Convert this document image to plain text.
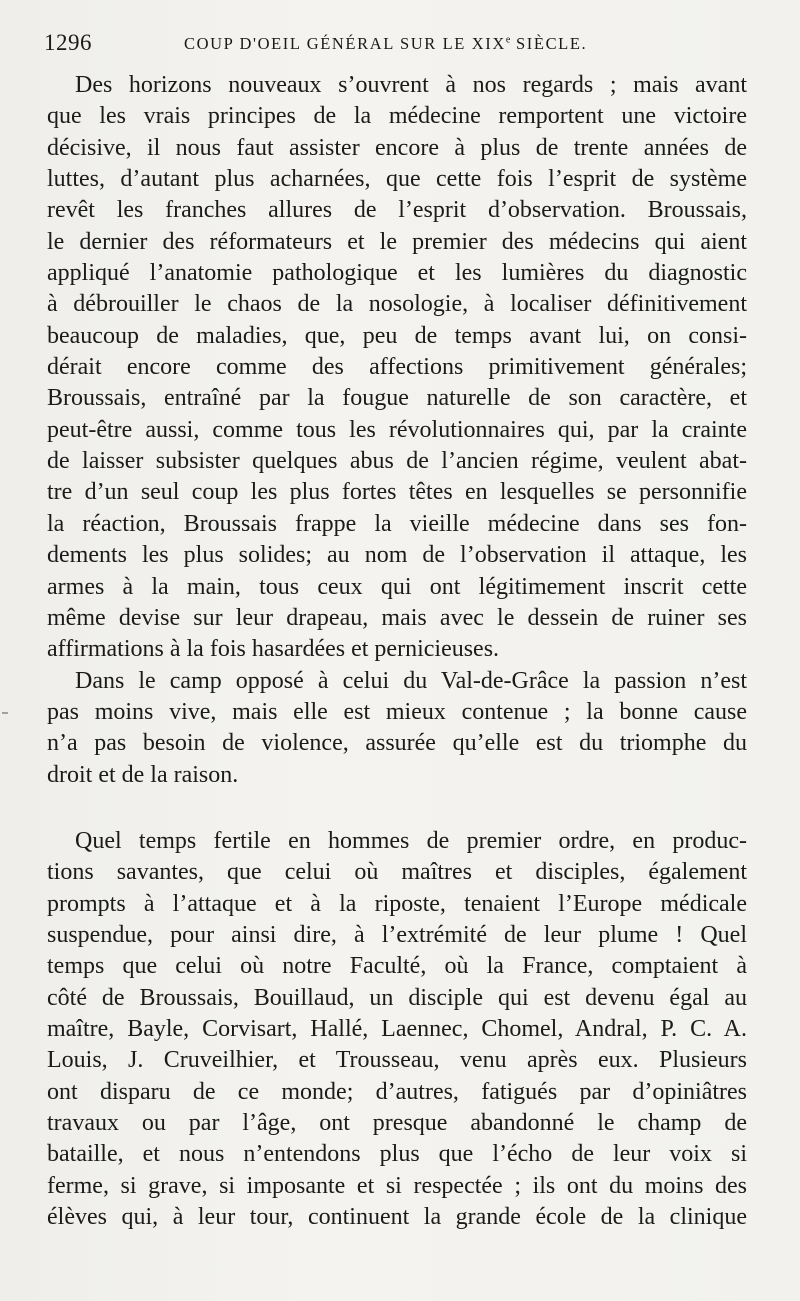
1296	COUP D'OEIL GÉNÉRAL SUR LE XIXe SIÈCLE.
Des horizons nouveaux s’ouvrent à nos regards ; mais avant
que les vrais principes de la médecine remportent une victoire
décisive, il nous faut assister encore à plus de trente années de
luttes, d’autant plus acharnées, que cette fois l’esprit de système
revêt les franches allures de l’esprit d’observation. Broussais,
le dernier des réformateurs et le premier des médecins qui aient
appliqué l’anatomie pathologique et les lumières du diagnostic
à débrouiller le chaos de la nosologie, à localiser définitivement
beaucoup de maladies, que, peu de temps avant lui, on consi-
dérait encore comme des affections primitivement générales;
Broussais, entraîné par la fougue naturelle de son caractère, et
peut-être aussi, comme tous les révolutionnaires qui, par la crainte
de laisser subsister quelques abus de l’ancien régime, veulent abat-
tre d’un seul coup les plus fortes têtes en lesquelles se personnifie
la réaction, Broussais frappe la vieille médecine dans ses fon-
dements les plus solides; au nom de l’observation il attaque, les
armes à la main, tous ceux qui ont légitimement inscrit cette
même devise sur leur drapeau, mais avec le dessein de ruiner ses
affirmations à la fois hasardées et pernicieuses.
Dans le camp opposé à celui du Val-de-Grâce la passion n’est
pas moins vive, mais elle est mieux contenue ; la bonne cause
n’a pas besoin de violence, assurée qu’elle est du triomphe du
droit et de la raison.
Quel temps fertile en hommes de premier ordre, en produc-
tions savantes, que celui où maîtres et disciples, également
prompts à l’attaque et à la riposte, tenaient l’Europe médicale
suspendue, pour ainsi dire, à l’extrémité de leur plume ! Quel
temps que celui où notre Faculté, où la France, comptaient à
côté de Broussais, Bouillaud, un disciple qui est devenu égal au
maître, Bayle, Corvisart, Hallé, Laennec, Chomel, Andral, P. C. A.
Louis, J. Cruveilhier, et Trousseau, venu après eux. Plusieurs
ont disparu de ce monde; d’autres, fatigués par d’opiniâtres
travaux ou par l’âge, ont presque abandonné le champ de
bataille, et nous n’entendons plus que l’écho de leur voix si
ferme, si grave, si imposante et si respectée ; ils ont du moins des
élèves qui, à leur tour, continuent la grande école de la clinique
